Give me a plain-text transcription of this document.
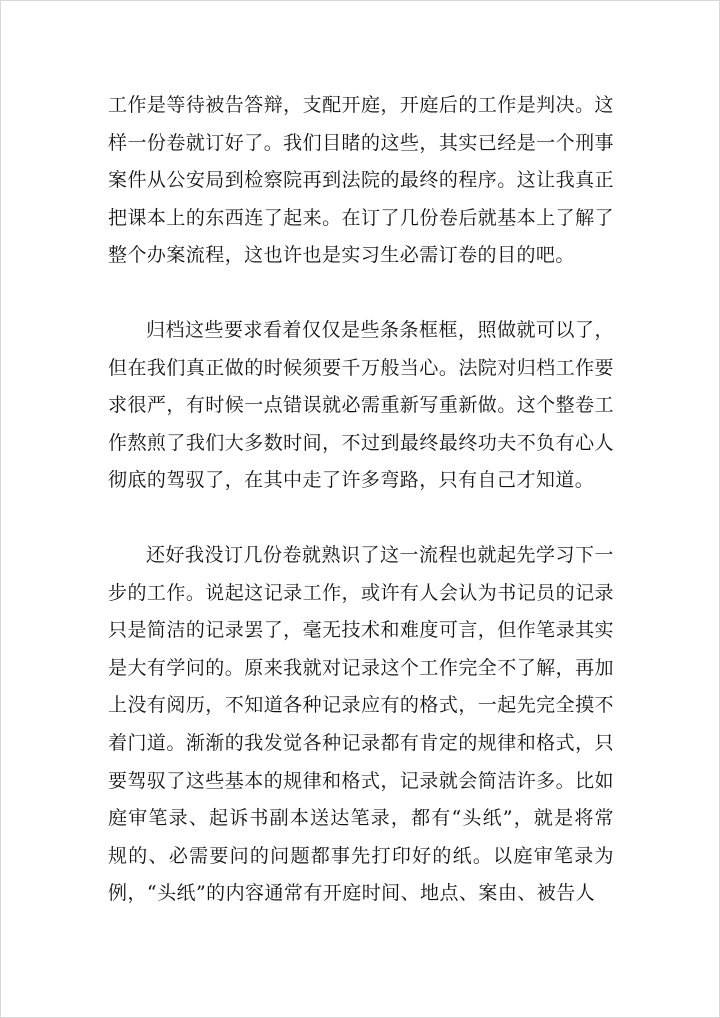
工作是等待被告答辩，支配开庭，开庭后的工作是判决。这样一份卷就订好了。我们目睹的这些，其实已经是一个刑事案件从公安局到检察院再到法院的最终的程序。这让我真正把课本上的东西连了起来。在订了几份卷后就基本上了解了整个办案流程，这也许也是实习生必需订卷的目的吧。

归档这些要求看着仅仅是些条条框框，照做就可以了，但在我们真正做的时候须要千万般当心。法院对归档工作要求很严，有时候一点错误就必需重新写重新做。这个整卷工作熬煎了我们大多数时间，不过到最终最终功夫不负有心人彻底的驾驭了，在其中走了许多弯路，只有自己才知道。

还好我没订几份卷就熟识了这一流程也就起先学习下一步的工作。说起这记录工作，或许有人会认为书记员的记录只是简洁的记录罢了，毫无技术和难度可言，但作笔录其实是大有学问的。原来我就对记录这个工作完全不了解，再加上没有阅历，不知道各种记录应有的格式，一起先完全摸不着门道。渐渐的我发觉各种记录都有肯定的规律和格式，只要驾驭了这些基本的规律和格式，记录就会简洁许多。比如庭审笔录、起诉书副本送达笔录，都有“头纸”，就是将常规的、必需要问的问题都事先打印好的纸。以庭审笔录为例，“头纸”的内容通常有开庭时间、地点、案由、被告人
